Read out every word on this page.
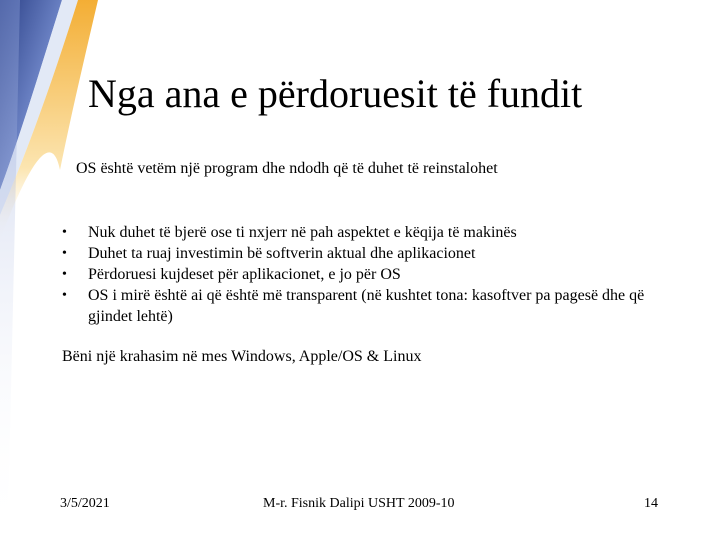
Nga ana e përdoruesit të fundit
OS është vetëm një program dhe ndodh që të duhet të reinstalohet
•	Nuk duhet të bjerë ose ti nxjerr në pah aspektet e këqija të makinës
•	Duhet ta ruaj investimin bë softverin aktual dhe aplikacionet
•	Përdoruesi kujdeset për aplikacionet, e jo për OS
•	OS i mirë është ai që është më transparent (në kushtet tona: kasoftver pa pagesë dhe që gjindet lehtë)
Bëni një krahasim në mes Windows, Apple/OS & Linux
3/5/2021	M-r. Fisnik Dalipi USHT 2009-10	14
